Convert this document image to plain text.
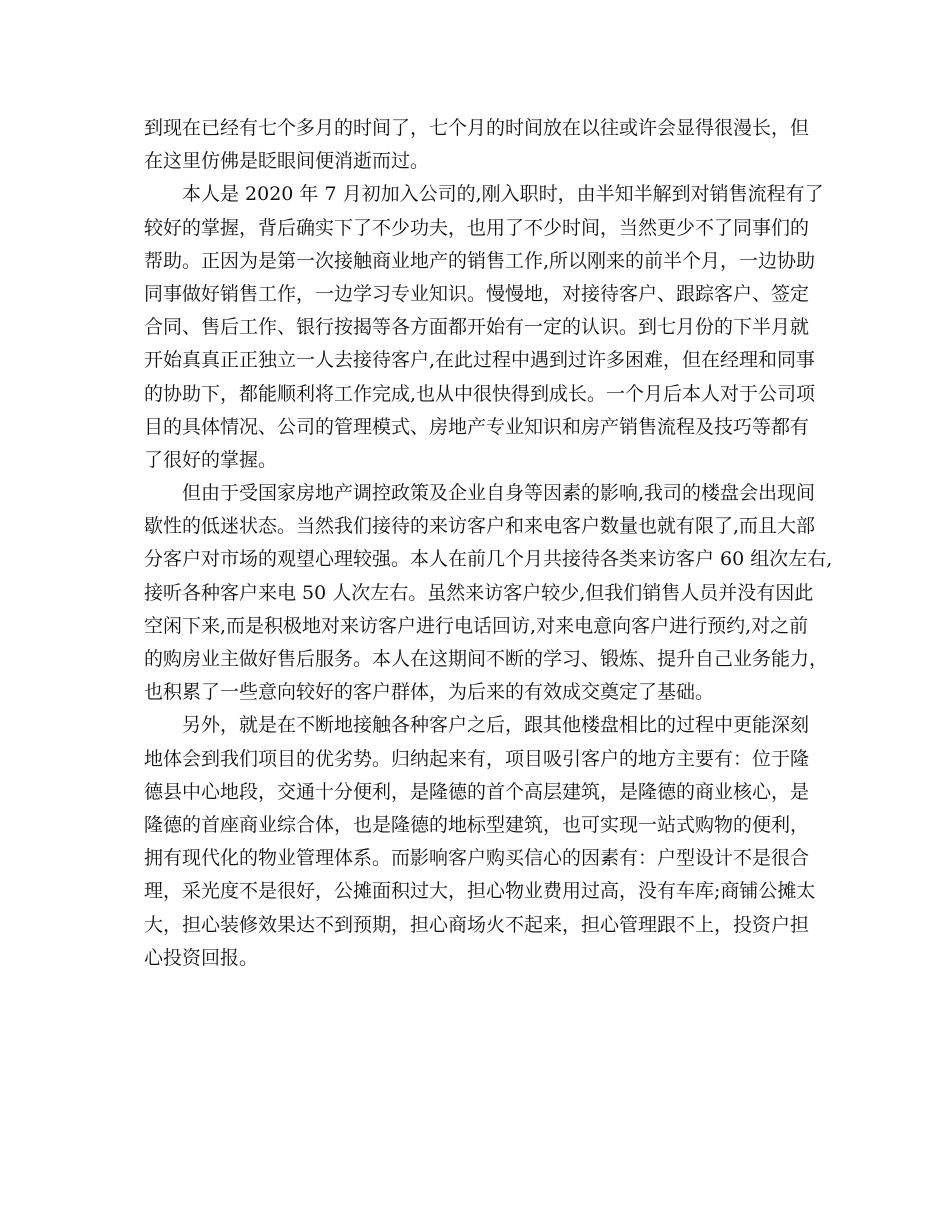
到现在已经有七个多月的时间了，七个月的时间放在以往或许会显得很漫长，但
在这里仿佛是眨眼间便消逝而过。
本人是 2020 年 7 月初加入公司的,刚入职时，由半知半解到对销售流程有了
较好的掌握，背后确实下了不少功夫，也用了不少时间，当然更少不了同事们的
帮助。正因为是第一次接触商业地产的销售工作,所以刚来的前半个月，一边协助
同事做好销售工作，一边学习专业知识。慢慢地，对接待客户、跟踪客户、签定
合同、售后工作、银行按揭等各方面都开始有一定的认识。到七月份的下半月就
开始真真正正独立一人去接待客户,在此过程中遇到过许多困难，但在经理和同事
的协助下，都能顺利将工作完成,也从中很快得到成长。一个月后本人对于公司项
目的具体情况、公司的管理模式、房地产专业知识和房产销售流程及技巧等都有
了很好的掌握。
但由于受国家房地产调控政策及企业自身等因素的影响,我司的楼盘会出现间
歇性的低迷状态。当然我们接待的来访客户和来电客户数量也就有限了,而且大部
分客户对市场的观望心理较强。本人在前几个月共接待各类来访客户 60 组次左右,
接听各种客户来电 50 人次左右。虽然来访客户较少,但我们销售人员并没有因此
空闲下来,而是积极地对来访客户进行电话回访,对来电意向客户进行预约,对之前
的购房业主做好售后服务。本人在这期间不断的学习、锻炼、提升自己业务能力，
也积累了一些意向较好的客户群体，为后来的有效成交奠定了基础。
另外，就是在不断地接触各种客户之后，跟其他楼盘相比的过程中更能深刻
地体会到我们项目的优劣势。归纳起来有，项目吸引客户的地方主要有：位于隆
德县中心地段，交通十分便利，是隆德的首个高层建筑，是隆德的商业核心，是
隆德的首座商业综合体，也是隆德的地标型建筑，也可实现一站式购物的便利，
拥有现代化的物业管理体系。而影响客户购买信心的因素有：户型设计不是很合
理，采光度不是很好，公摊面积过大，担心物业费用过高，没有车库;商铺公摊太
大，担心装修效果达不到预期，担心商场火不起来，担心管理跟不上，投资户担
心投资回报。
